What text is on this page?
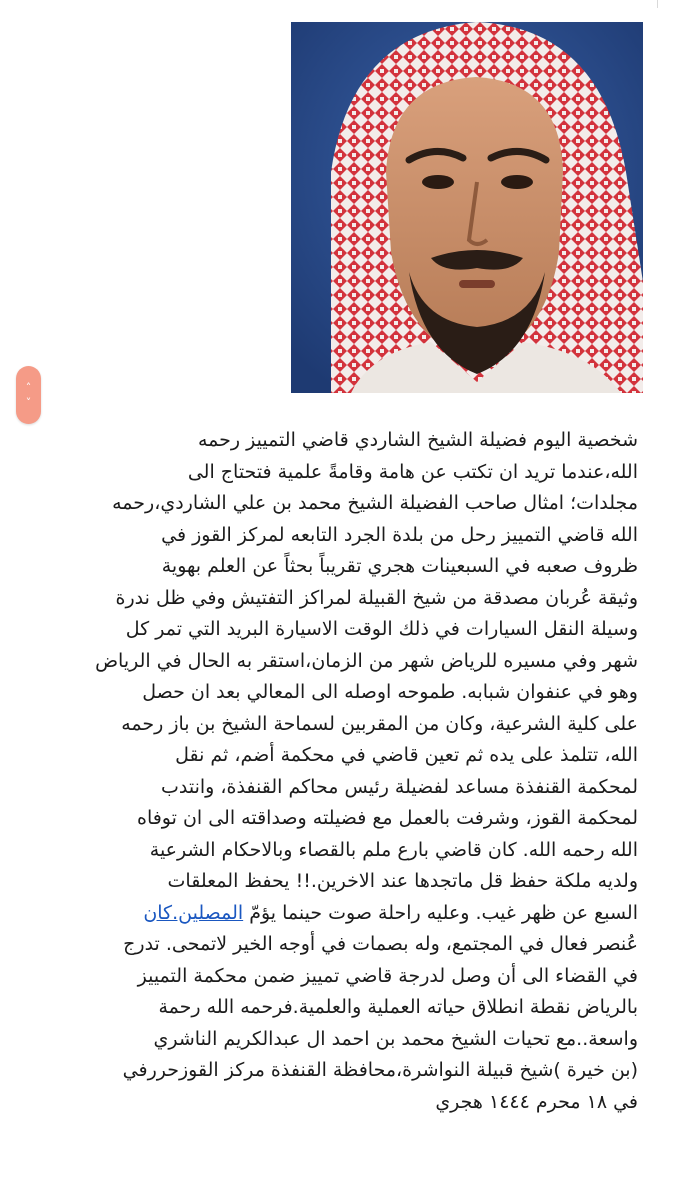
˄
˅
شخصية اليوم فضيلة الشيخ الشاردي قاضي التمييز رحمه
الله،عندما تريد ان تكتب عن هامة وقامةً علمية فتحتاج الى
مجلدات؛ امثال صاحب الفضيلة الشيخ محمد بن علي الشاردي،رحمه
الله قاضي التمييز رحل من بلدة الجرد التابعه لمركز القوز في
ظروف صعبه في السبعينات هجري تقريباً بحثاً عن العلم بهوية
وثيقة عُربان مصدقة من شيخ القبيلة لمراكز التفتيش وفي ظل ندرة
وسيلة النقل السيارات في ذلك الوقت الاسيارة البريد التي تمر كل
شهر وفي مسيره للرياض شهر من الزمان،استقر به الحال في الرياض
وهو في عنفوان شبابه. طموحه اوصله الى المعالي بعد ان حصل
على كلية الشرعية، وكان من المقربين لسماحة الشيخ بن باز رحمه
الله، تتلمذ على يده ثم تعين قاضي في محكمة أضم، ثم نقل
لمحكمة القنفذة مساعد لفضيلة رئيس محاكم القنفذة، وانتدب
لمحكمة القوز، وشرفت بالعمل مع فضيلته وصداقته الى ان توفاه
الله رحمه الله. كان قاضي بارع ملم بالقصاء وبالاحكام الشرعية
ولديه ملكة حفظ قل ماتجدها عند الاخرين.!! يحفظ المعلقات
السبع عن ظهر غيب. وعليه راحلة صوت حينما يؤمّ المصلين.كان
عُنصر فعال في المجتمع، وله بصمات في أوجه الخير لاتمحى. تدرج
في القضاء الى أن وصل لدرجة قاضي تمييز ضمن محكمة التمييز
بالرياض نقطة انطلاق حياته العملية والعلمية.فرحمه الله رحمة
واسعة..مع تحيات الشيخ محمد بن احمد ال عبدالكريم الناشري
(بن خيرة )شيخ قبيلة النواشرة،محافظة القنفذة مركز القوزحررفي
في ١٨ محرم ١٤٤٤ هجري
